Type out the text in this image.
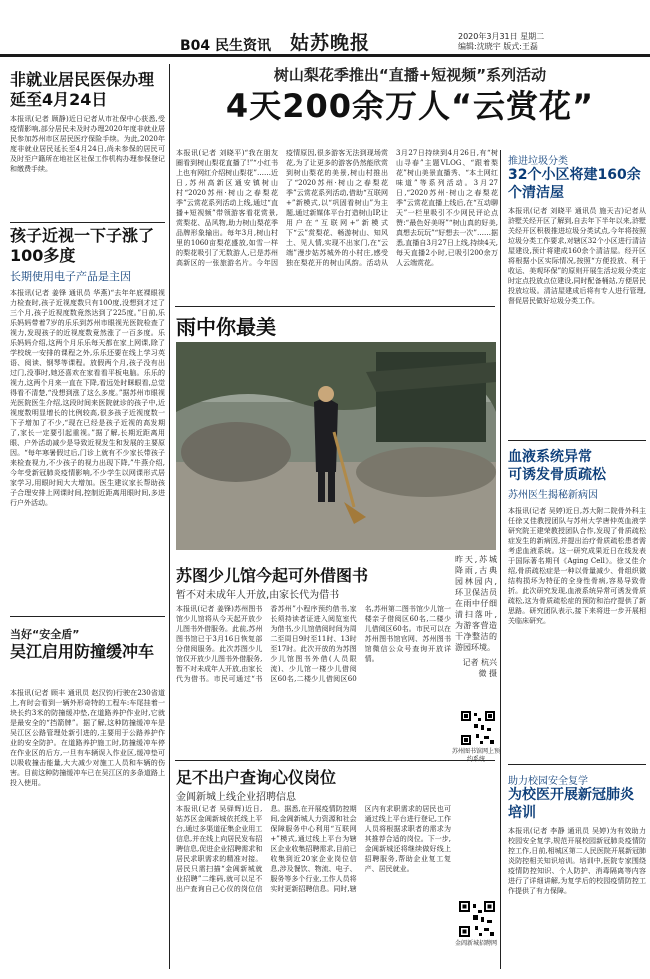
B04 民生资讯 姑苏晚报	2020年3月31日 星期二
编辑:沈晓宇 版式:王磊
树山梨花季推出“直播+短视频”系列活动
4天200余万人“云赏花”
本报讯(记者 刘晓平)“我在朋友圈看到树山梨花直播了!”“小红书上也有网红介绍树山梨花”……近日,苏州高新区通安镇树山村“2020苏州·树山之春梨花季”云赏花系列活动上线,通过“直播+短视频”带领游客看花赏景,赏梨花、品风物,助力树山梨花季品牌形象输出。每年3月,树山村里的1060亩梨花盛放,如雪一样的梨花吸引了无数游人,已是苏州高新区的一张旅游名片。今年因疫情原因,很多游客无法到现场赏花,为了让更多的游客仍然能欣赏到树山梨花的美景,树山村推出了“2020苏州·树山之春梨花季”云赏花系列活动,借助“互联网+”新模式,以“巩固看树山”为主题,通过新媒体平台打造树山IP,让用户在“互联网+”新模式下“云”赏梨花、畅游树山、知风土、见人情,实现不出家门,在“云端”漫步姑苏城外的小村庄,感受独在梨花开的树山风韵。活动从3月27日持续到4月26日,有“树山寻春”主题VLOG、“跟着梨花”树山美景直播秀、“本土网红味道”等系列活动。3月27日,“2020苏州·树山之春梨花季”云赏花直播上线后,在“互动聊天”一栏里吸引不少网民评论点赞:“最色好美呀”“树山真的好美,真想去玩玩”“好想去一次”……据悉,直播自3月27日上线,持续4天,每天直播2小时,已吸引200余万人云端赏花。
非就业居民医保办理延至4月24日
本报讯(记者 顾静)近日记者从市社保中心获悉,受疫情影响,部分居民未及时办理2020年度非就业居民参加苏州市区居民医疗保险手续。为此,2020年度非就业居民延长至4月24日,尚未参保的居民可及时至户籍所在地社区社保工作机构办理参保登记和缴费手续。
孩子近视一下子涨了100多度
长期使用电子产品是主因
本报讯(记者 姜锋 通讯员 华燕)“去年年底裸眼视力检查时,孩子近视度数只有100度,没想到才过了三个月,孩子近视度数竟然达到了225度。”日前,乐乐妈妈带着7岁的乐乐到苏州市眼视光医院检查了视力,发现孩子的近视度数竟然涨了一百多度。乐乐妈妈介绍,这两个月乐乐每天都在家上网课,除了学校统一安排的课程之外,乐乐还要在线上学习英语、阅读、钢琴等课程。放假两个月,孩子没有出过门,没事时,她还喜欢在家看看平板电脑。乐乐的视力,这两个月来一直在下降,看远处时眯眼看,总觉得看不清楚,“没想到涨了这么多度。”据苏州市眼视光医院医生介绍,这段时间来医院就诊的孩子中,近视度数明显增长的比例较高,很多孩子近视度数一下子增加了不少,“现在已经是孩子近视的高发期了,家长一定要引起重视。”据了解,长期近距离用眼、户外活动减少是导致近视发生和发展的主要原因。“每年寒暑假过后,门诊上就有不少家长带孩子来检查视力,不少孩子的视力出现下降,”牛燕介绍,今年受新冠肺炎疫情影响,不少学生以网课形式居家学习,用眼时间大大增加。医生建议家长帮助孩子合理安排上网课时间,控制近距离用眼时间,多进行户外活动。
当好“安全盾”
吴江启用防撞缓冲车
本报讯(记者 顾丰 通讯员 赵汉钧)行驶在230省道上,有时会看到一辆外形奇特的工程车:车尾挂着一块长约3米的防撞缓冲垫,在道路养护作业时,它就是最安全的“挡箭牌”。据了解,这种防撞缓冲车是吴江区公路管理处新引进的,主要用于公路养护作业的安全防护。在道路养护施工时,防撞缓冲车停在作业区的后方,一旦有车辆误入作业区,缓冲垫可以吸收撞击能量,大大减少对施工人员和车辆的伤害。目前这种防撞缓冲车已在吴江区的多条道路上投入使用。
雨中你最美
昨天,苏城降雨,古典园林园内,环卫保洁员在雨中仔细清扫落叶,为游客营造干净整洁的游园环境。
记者 杭兴微 摄
苏图少儿馆今起可外借图书
暂不对未成年人开放,由家长代为借书
本报讯(记者 姜锋)苏州图书馆少儿馆将从今天起开放少儿图书外借服务。此前,苏州图书馆已于3月16日恢复部分借阅服务。此次苏图少儿馆仅开放少儿图书外借服务,暂不对未成年人开放,由家长代为借书。市民可通过“书香苏州”小程序预约借书,家长须持读者证进入阅览室代为借书,少儿馆借阅时间为周二至周日9时至11时、13时至17时。此次开放的为苏图少儿馆图书外借(人员限流)、少儿馆一楼少儿借阅区60名,二楼少儿借阅区60名,苏州第二图书馆少儿馆一楼亲子借阅区60名,二楼少儿借阅区60名。市民可以在苏州图书馆官网、苏州图书馆微信公众号查询开放详情。
苏州图书馆网上预
足不出户查询心仪岗位
金阊新城上线企业招聘信息
本报讯(记者 吴驿辉)近日,姑苏区金阊新城依托线上平台,通过多渠道征集企业用工信息,并在线上向居民发布招聘信息,促进企业招聘需求和居民求职需求的精准对接。居民只需扫描“金阊新城就业招聘”二维码,就可以足不出户查询自己心仪的岗位信息。据悉,在开展疫情防控期间,金阊新城人力资源和社会保障服务中心利用“互联网+”模式,通过线上平台为辖区企业收集招聘需求,目前已收集到近20家企业岗位信息,涉及餐饮、物流、电子、服务等多个行业,工作人员将实时更新招聘信息。同时,辖区内有求职需求的居民也可通过线上平台进行登记,工作人员将根据求职者的需求为其推荐合适的岗位。下一步,金阊新城还将继续做好线上招聘服务,帮助企业复工复产、居民就业。
金阊新城招聘网
推进垃圾分类
32个小区将建160余个清洁屋
本报讯(记者 刘晓平 通讯员 施天吉)记者从浒墅关经开区了解到,自去年下半年以来,浒墅关经开区积极推进垃圾分类试点,今年将按照垃圾分类工作要求,对辖区32个小区进行清洁屋建设,预计将建成160余个清洁屋。经开区将根据小区实际情况,按照“方便投放、利于收运、美观环保”的原则开展生活垃圾分类定时定点投放点位建设,同时配备桶站,方便居民投放垃圾。清洁屋建成后将有专人进行管理,督促居民做好垃圾分类工作。
血液系统异常
可诱发骨质疏松
苏州医生揭秘新病因
本报讯(记者 吴婷)近日,苏大附二院骨外科主任徐又佳教授团队与苏州大学唐仲英血液学研究院王建荣教授团队合作,发现了骨质疏松症发生的新病因,并提出治疗骨质疏松患者需考虑血液系统。这一研究成果近日在线发表于国际著名期刊《Aging Cell》。徐又佳介绍,骨质疏松症是一种以骨量减少、骨组织微结构损坏为特征的全身性骨病,容易导致骨折。此次研究发现,血液系统异常可诱发骨质疏松,这为骨质疏松症的预防和治疗提供了新思路。研究团队表示,接下来将进一步开展相关临床研究。
助力校园安全复学
为校医开展新冠肺炎培训
本报讯(记者 李静 通讯员 吴婷)为有效助力校园安全复学,规范开展校园新冠肺炎疫情防控工作,日前,相城区第二人民医院开展新冠肺炎防控相关知识培训。培训中,医院专家围绕疫情防控知识、个人防护、消毒隔离等内容进行了详细讲解,为复学后的校园疫情防控工作提供了有力保障。
